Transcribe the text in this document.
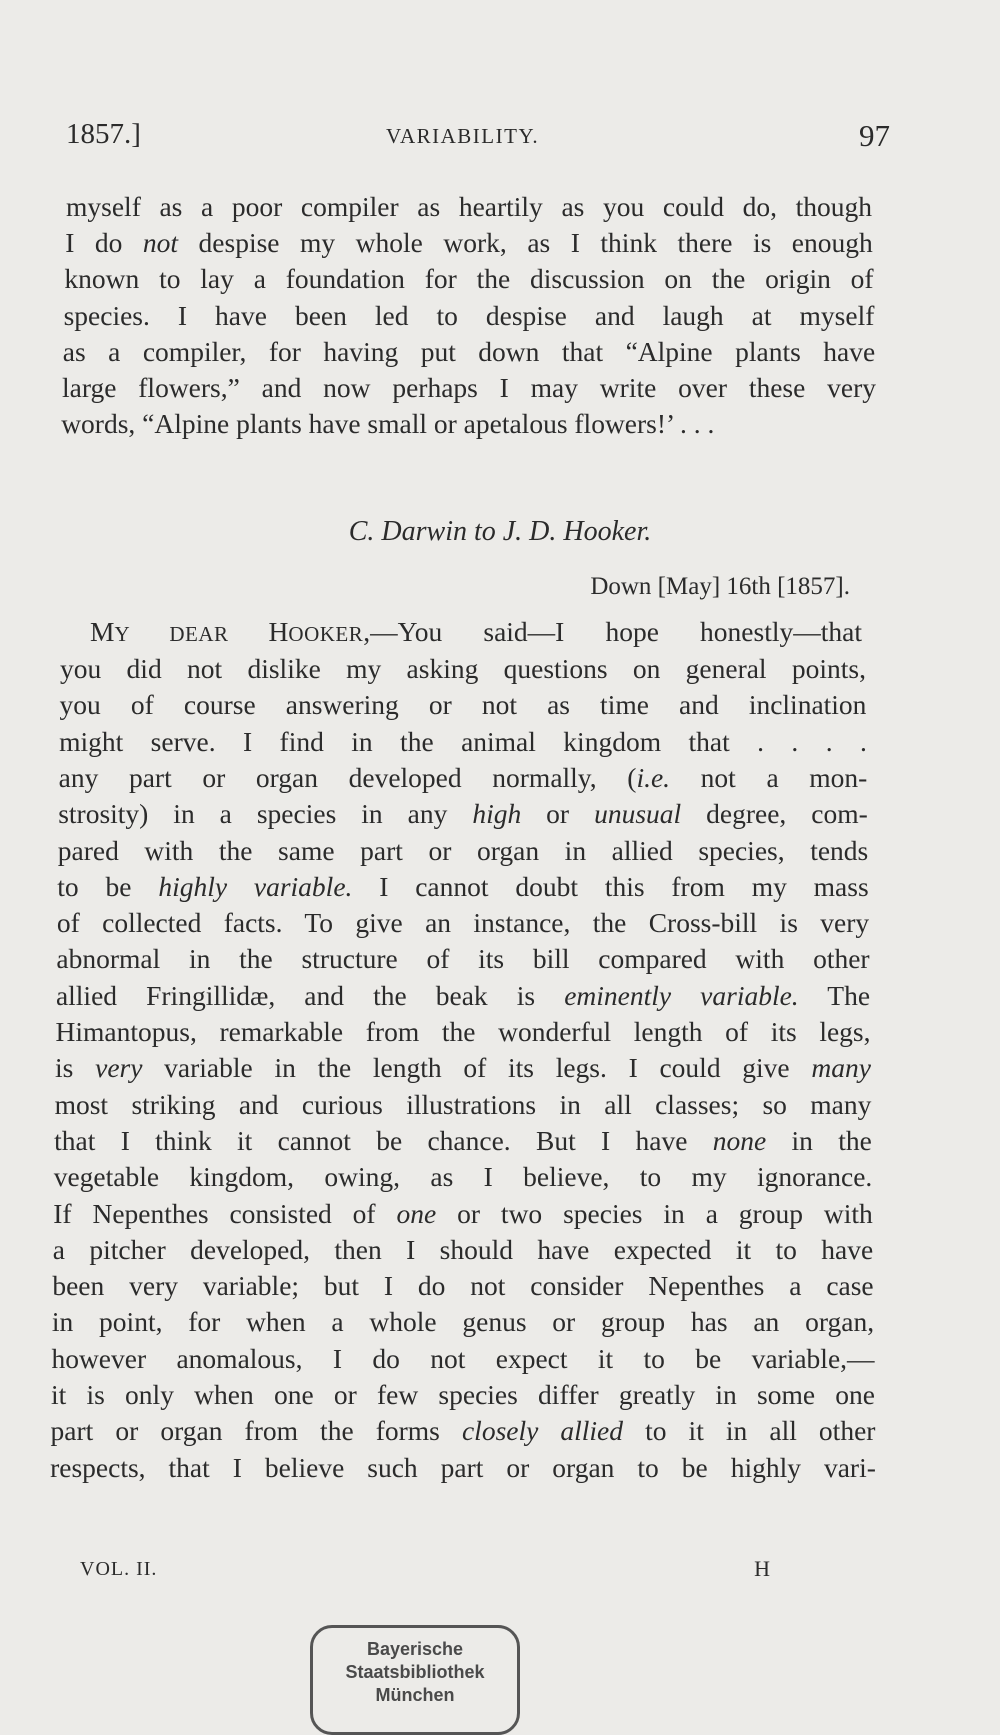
1857.]	VARIABILITY.	97
myself as a poor compiler as heartily as you could do, though
I do not despise my whole work, as I think there is enough
known to lay a foundation for the discussion on the origin of
species. I have been led to despise and laugh at myself
as a compiler, for having put down that “Alpine plants have
large flowers,” and now perhaps I may write over these very
words, “Alpine plants have small or apetalous flowers!’ . . .
C. Darwin to J. D. Hooker.
Down [May] 16th [1857].
MY DEAR HOOKER,—You said—I hope honestly—that
you did not dislike my asking questions on general points,
you of course answering or not as time and inclination
might serve. I find in the animal kingdom that . . . .
any part or organ developed normally, (i.e. not a mon-
strosity) in a species in any high or unusual degree, com-
pared with the same part or organ in allied species, tends
to be highly variable. I cannot doubt this from my mass
of collected facts. To give an instance, the Cross-bill is very
abnormal in the structure of its bill compared with other
allied Fringillidæ, and the beak is eminently variable. The
Himantopus, remarkable from the wonderful length of its legs,
is very variable in the length of its legs. I could give many
most striking and curious illustrations in all classes; so many
that I think it cannot be chance. But I have none in the
vegetable kingdom, owing, as I believe, to my ignorance.
If Nepenthes consisted of one or two species in a group with
a pitcher developed, then I should have expected it to have
been very variable; but I do not consider Nepenthes a case
in point, for when a whole genus or group has an organ,
however anomalous, I do not expect it to be variable,—
it is only when one or few species differ greatly in some one
part or organ from the forms closely allied to it in all other
respects, that I believe such part or organ to be highly vari-
VOL. II.	H
Bayerische
Staatsbibliothek
München
